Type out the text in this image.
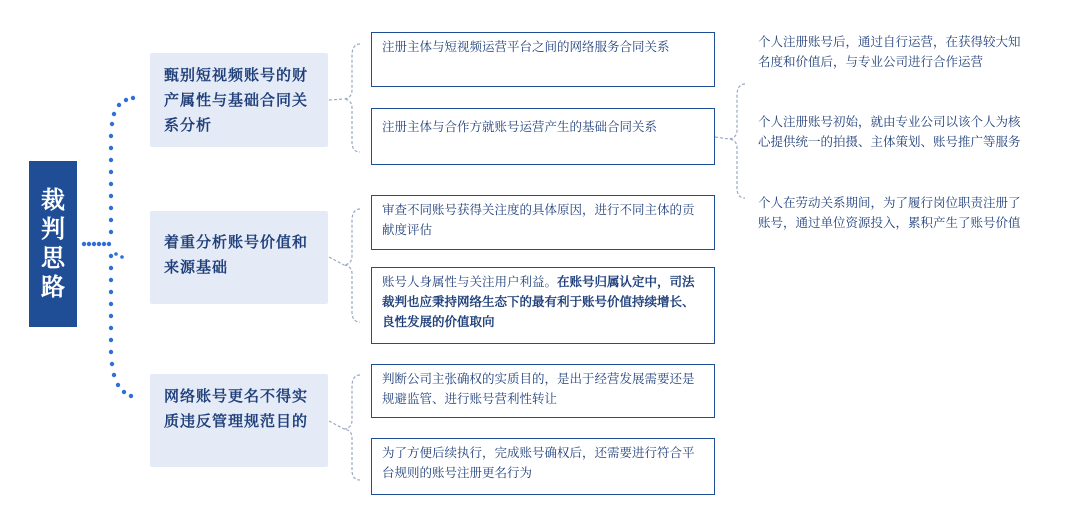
裁判思路
甄别短视频账号的财产属性与基础合同关系分析
着重分析账号价值和来源基础
网络账号更名不得实质违反管理规范目的
注册主体与短视频运营平台之间的网络服务合同关系
注册主体与合作方就账号运营产生的基础合同关系
审查不同账号获得关注度的具体原因，进行不同主体的贡献度评估
账号人身属性与关注用户利益。在账号归属认定中，司法裁判也应秉持网络生态下的最有利于账号价值持续增长、良性发展的价值取向
判断公司主张确权的实质目的，是出于经营发展需要还是规避监管、进行账号营利性转让
为了方便后续执行，完成账号确权后，还需要进行符合平台规则的账号注册更名行为
个人注册账号后，通过自行运营，在获得较大知名度和价值后，与专业公司进行合作运营
个人注册账号初始，就由专业公司以该个人为核心提供统一的拍摄、主体策划、账号推广等服务
个人在劳动关系期间，为了履行岗位职责注册了账号，通过单位资源投入，累积产生了账号价值
